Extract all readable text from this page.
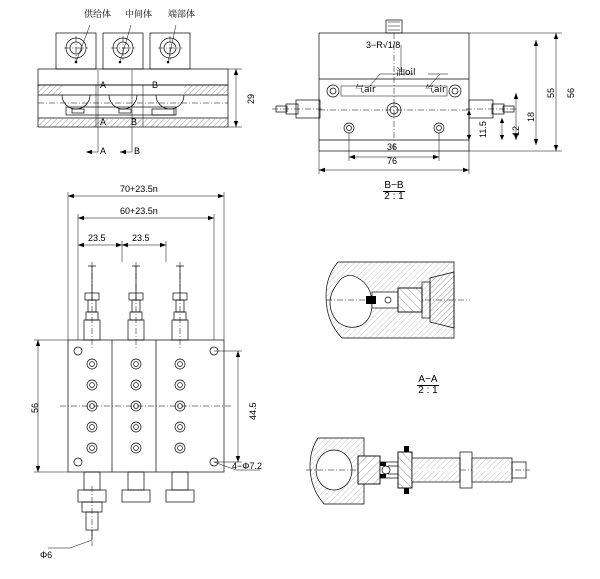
供给体 中间体 端部体
A	B
A	B
A	B
29
3−R√1/8
油oil
气air	气air
36
76
56
55
18
12
11.5
B−B
2 : 1
70+23.5n
60+23.5n
23.5	23.5
56	44.5
4−Φ7.2
Φ6
A−A
2 : 1
